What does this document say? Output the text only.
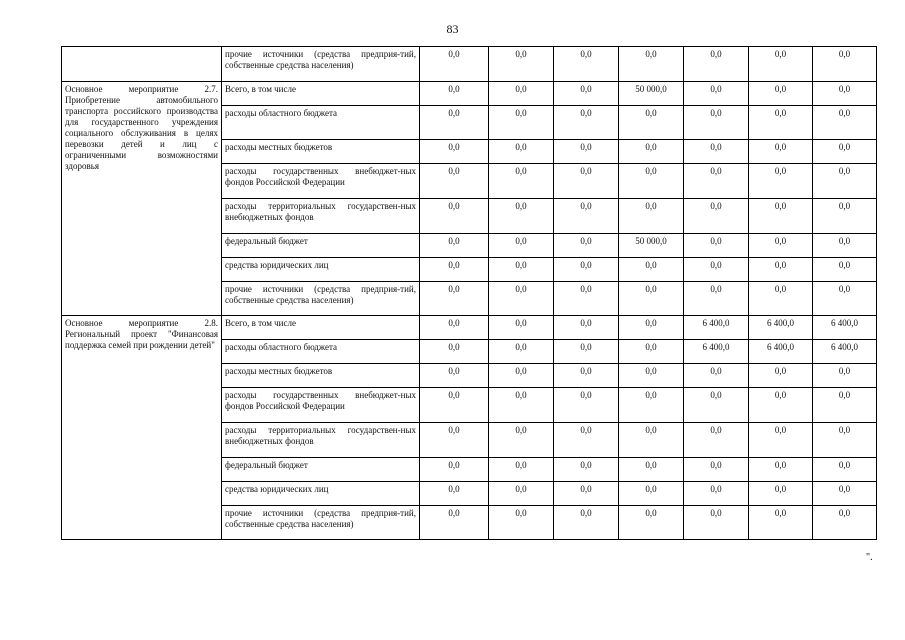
83
	прочие источники (средства предприя-тий, собственные средства населения)	0,0	0,0	0,0	0,0	0,0	0,0	0,0
Основное мероприятие 2.7. Приобретение автомобильного транспорта российского производства для государственного учреждения социального обслуживания в целях перевозки детей и лиц с ограниченными возможностями здоровья	Всего, в том числе	0,0	0,0	0,0	50 000,0	0,0	0,0	0,0
	расходы областного бюджета	0,0	0,0	0,0	0,0	0,0	0,0	0,0
	расходы местных бюджетов	0,0	0,0	0,0	0,0	0,0	0,0	0,0
	расходы государственных внебюджет-ных фондов Российской Федерации	0,0	0,0	0,0	0,0	0,0	0,0	0,0
	расходы территориальных государствен-ных внебюджетных фондов	0,0	0,0	0,0	0,0	0,0	0,0	0,0
	федеральный бюджет	0,0	0,0	0,0	50 000,0	0,0	0,0	0,0
	средства юридических лиц	0,0	0,0	0,0	0,0	0,0	0,0	0,0
	прочие источники (средства предприя-тий, собственные средства населения)	0,0	0,0	0,0	0,0	0,0	0,0	0,0
Основное мероприятие 2.8. Региональный проект "Финансовая поддержка семей при рождении детей"	Всего, в том числе	0,0	0,0	0,0	0,0	6 400,0	6 400,0	6 400,0
	расходы областного бюджета	0,0	0,0	0,0	0,0	6 400,0	6 400,0	6 400,0
	расходы местных бюджетов	0,0	0,0	0,0	0,0	0,0	0,0	0,0
	расходы государственных внебюджет-ных фондов Российской Федерации	0,0	0,0	0,0	0,0	0,0	0,0	0,0
	расходы территориальных государствен-ных внебюджетных фондов	0,0	0,0	0,0	0,0	0,0	0,0	0,0
	федеральный бюджет	0,0	0,0	0,0	0,0	0,0	0,0	0,0
	средства юридических лиц	0,0	0,0	0,0	0,0	0,0	0,0	0,0
	прочие источники (средства предприя-тий, собственные средства населения)	0,0	0,0	0,0	0,0	0,0	0,0	0,0
".
